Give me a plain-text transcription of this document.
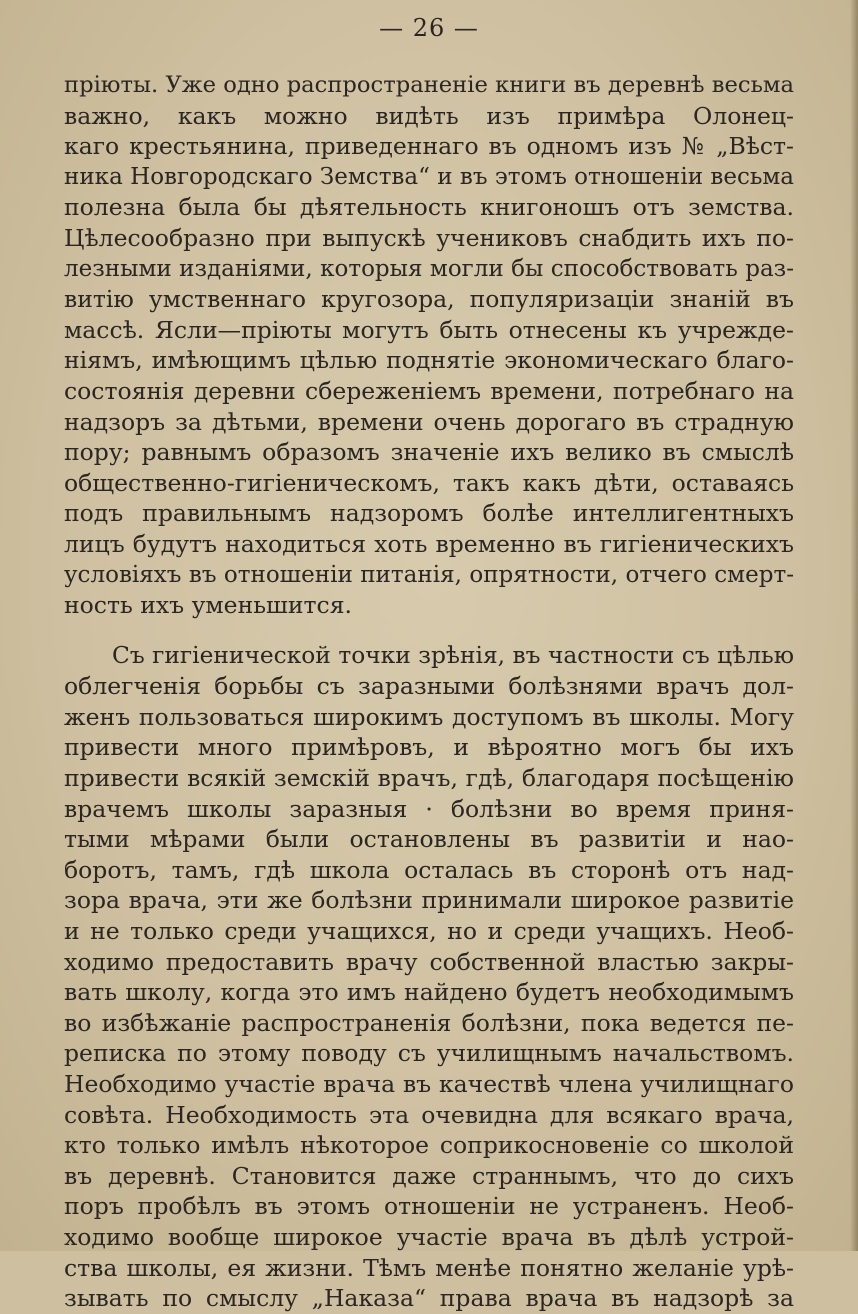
— 26 —
пріюты. Уже одно распространеніе книги въ деревнѣ весьма
важно, какъ можно видѣть изъ примѣра Олонец-
каго крестьянина, приведеннаго въ одномъ изъ № „Вѣст-
ника Новгородскаго Земства“ и въ этомъ отношеніи весьма
полезна была бы дѣятельность книгоношъ отъ земства.
Цѣлесообразно при выпускѣ учениковъ снабдить ихъ по-
лезными изданіями, которыя могли бы способствовать раз-
витію умственнаго кругозора, популяризаціи знаній въ
массѣ. Ясли—пріюты могутъ быть отнесены къ учрежде-
ніямъ, имѣющимъ цѣлью поднятіе экономическаго благо-
состоянія деревни сбереженіемъ времени, потребнаго на
надзоръ за дѣтьми, времени очень дорогаго въ страдную
пору; равнымъ образомъ значеніе ихъ велико въ смыслѣ
общественно-гигіеническомъ, такъ какъ дѣти, оставаясь
подъ правильнымъ надзоромъ болѣе интеллигентныхъ
лицъ будутъ находиться хоть временно въ гигіеническихъ
условіяхъ въ отношеніи питанія, опрятности, отчего смерт-
ность ихъ уменьшится.
Съ гигіенической точки зрѣнія, въ частности съ цѣлью
облегченія борьбы съ заразными болѣзнями врачъ дол-
женъ пользоваться широкимъ доступомъ въ школы. Могу
привести много примѣровъ, и вѣроятно могъ бы ихъ
привести всякій земскій врачъ, гдѣ, благодаря посѣщенію
врачемъ школы заразныя · болѣзни во время приня-
тыми мѣрами были остановлены въ развитіи и нао-
боротъ, тамъ, гдѣ школа осталась въ сторонѣ отъ над-
зора врача, эти же болѣзни принимали широкое развитіе
и не только среди учащихся, но и среди учащихъ. Необ-
ходимо предоставить врачу собственной властью закры-
вать школу, когда это имъ найдено будетъ необходимымъ
во избѣжаніе распространенія болѣзни, пока ведется пе-
реписка по этому поводу съ училищнымъ начальствомъ.
Необходимо участіе врача въ качествѣ члена училищнаго
совѣта. Необходимость эта очевидна для всякаго врача,
кто только имѣлъ нѣкоторое соприкосновеніе со школой
въ деревнѣ. Становится даже страннымъ, что до сихъ
поръ пробѣлъ въ этомъ отношеніи не устраненъ. Необ-
ходимо вообще широкое участіе врача въ дѣлѣ устрой-
ства школы, ея жизни. Тѣмъ менѣе понятно желаніе урѣ-
зывать по смыслу „Наказа“ права врача въ надзорѣ за
